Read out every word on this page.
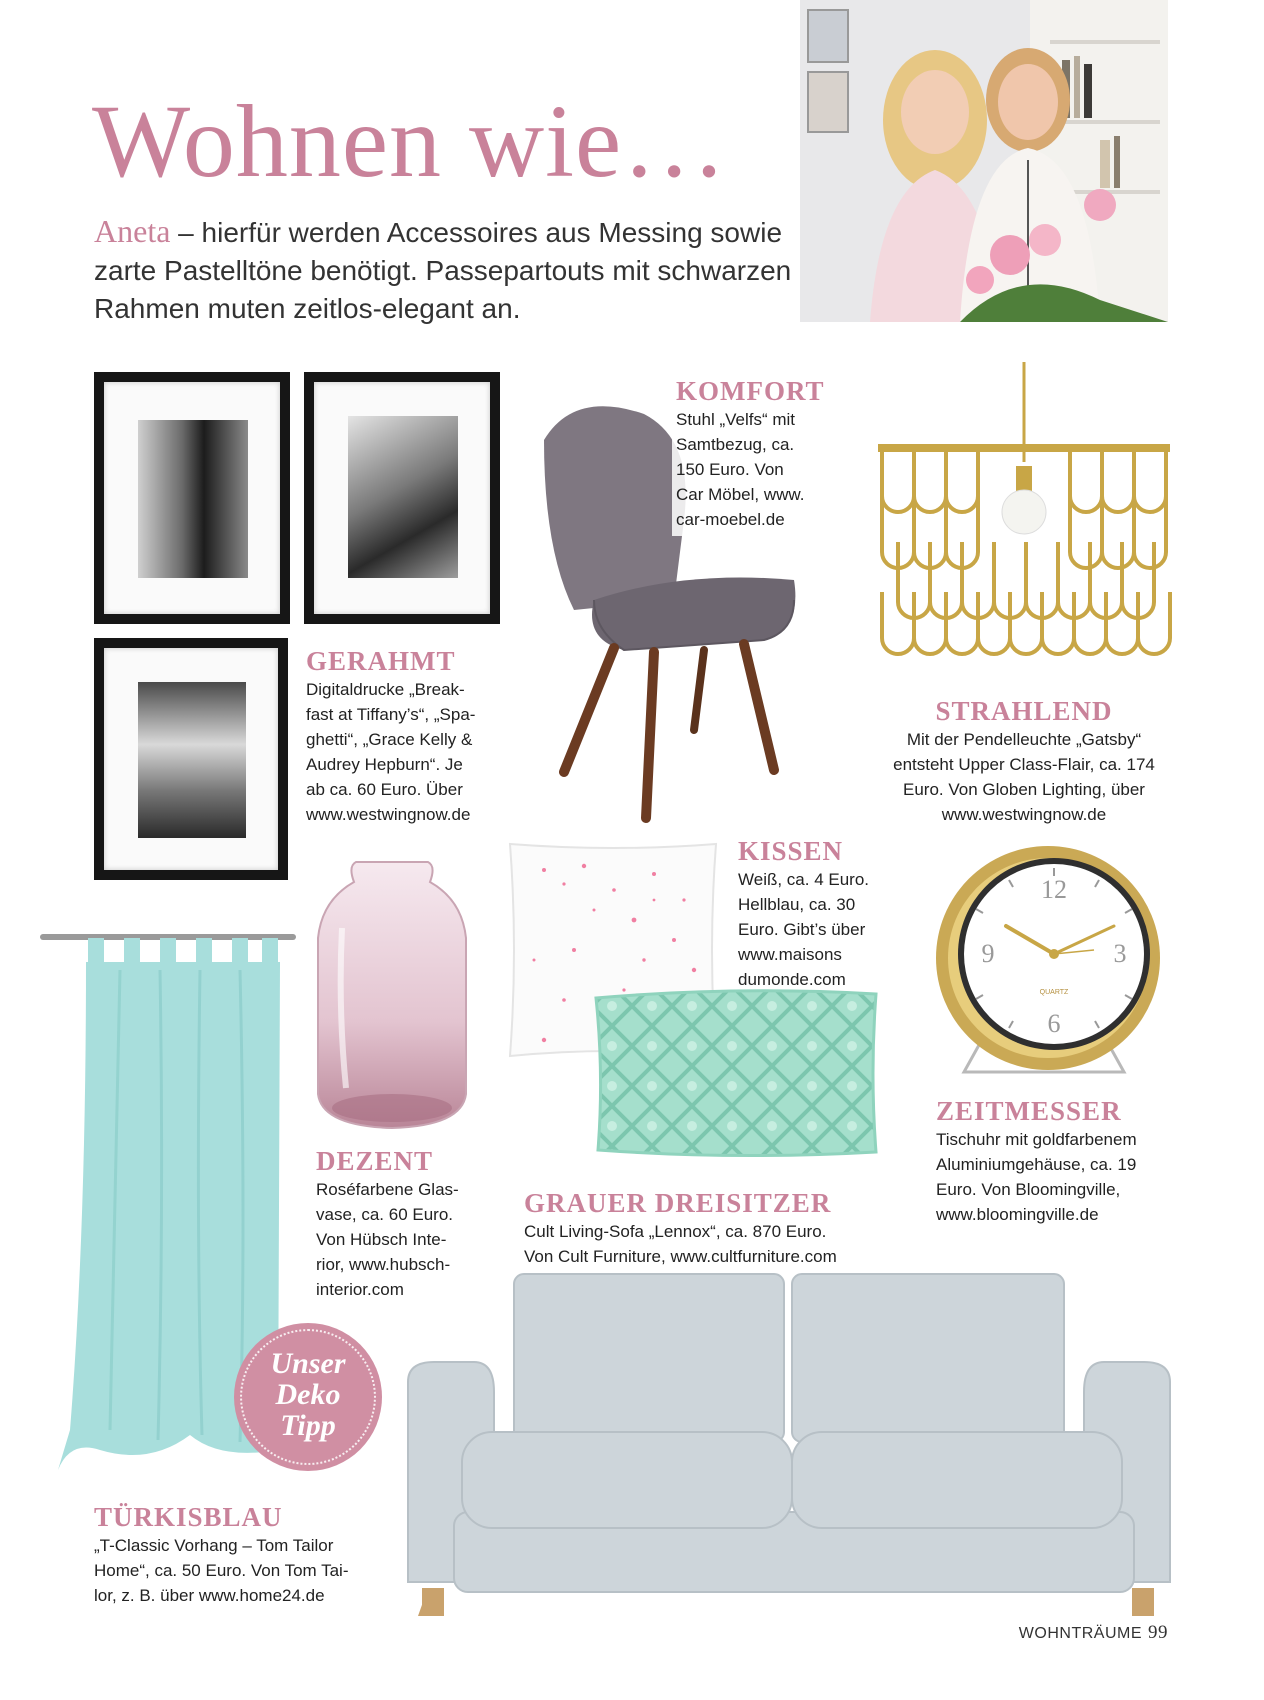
Wohnen wie…
Aneta – hierfür werden Accessoires aus Messing sowie zarte Pastelltöne benötigt. Passepartouts mit schwarzen Rahmen muten zeitlos-elegant an.
KOMFORT
Stuhl „Velfs“ mit
Samtbezug, ca.
150 Euro. Von
Car Möbel, www.
car-moebel.de
GERAHMT
Digitaldrucke „Break-
fast at Tiffany’s“, „Spa-
ghetti“, „Grace Kelly &
Audrey Hepburn“. Je
ab ca. 60 Euro. Über
www.westwingnow.de
STRAHLEND
Mit der Pendelleuchte „Gatsby“
entsteht Upper Class-Flair, ca. 174
Euro. Von Globen Lighting, über
www.westwingnow.de
KISSEN
Weiß, ca. 4 Euro.
Hellblau, ca. 30
Euro. Gibt’s über
www.maisons
dumonde.com
12
3
6
9
QUARTZ
ZEITMESSER
Tischuhr mit goldfarbenem
Aluminiumgehäuse, ca. 19
Euro. Von Bloomingville,
www.bloomingville.de
DEZENT
Roséfarbene Glas-
vase, ca. 60 Euro.
Von Hübsch Inte-
rior, www.hubsch-
interior.com
GRAUER DREISITZER
Cult Living-Sofa „Lennox“, ca. 870 Euro.
Von Cult Furniture, www.cultfurniture.com
Unser
Deko
Tipp
TÜRKISBLAU
„T-Classic Vorhang – Tom Tailor
Home“, ca. 50 Euro. Von Tom Tai-
lor, z. B. über www.home24.de
WOHNTRÄUME 99
